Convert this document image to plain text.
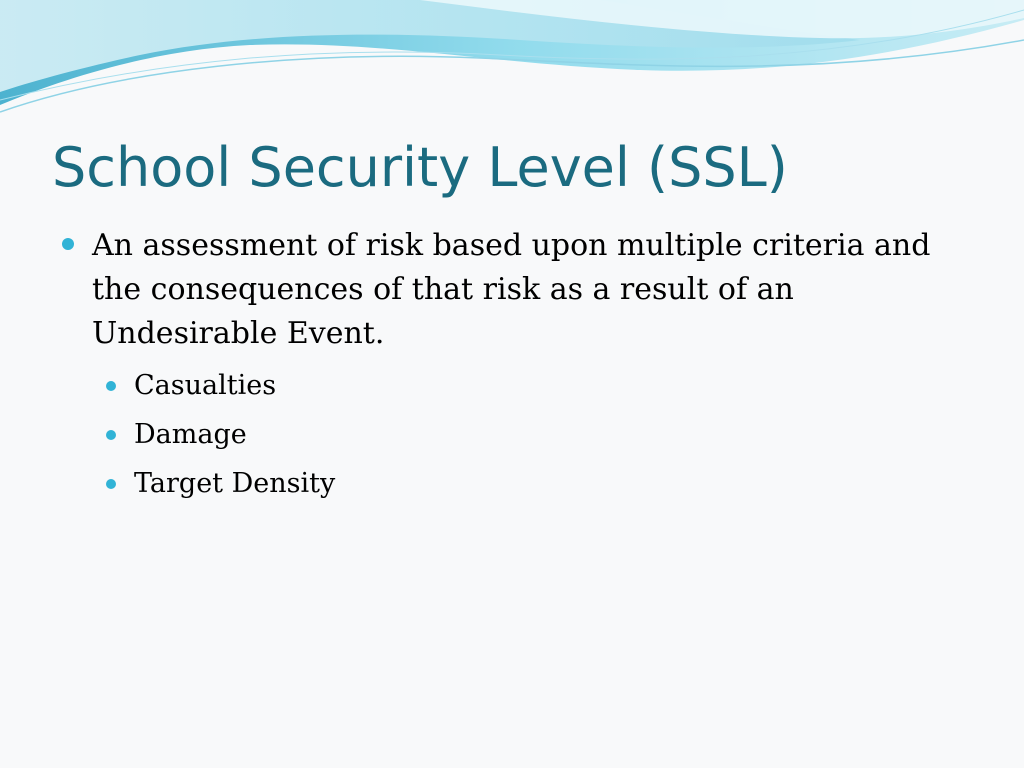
School Security Level (SSL)
An assessment of risk based upon multiple criteria and the consequences of that risk as a result of an Undesirable Event.
Casualties
Damage
Target Density
